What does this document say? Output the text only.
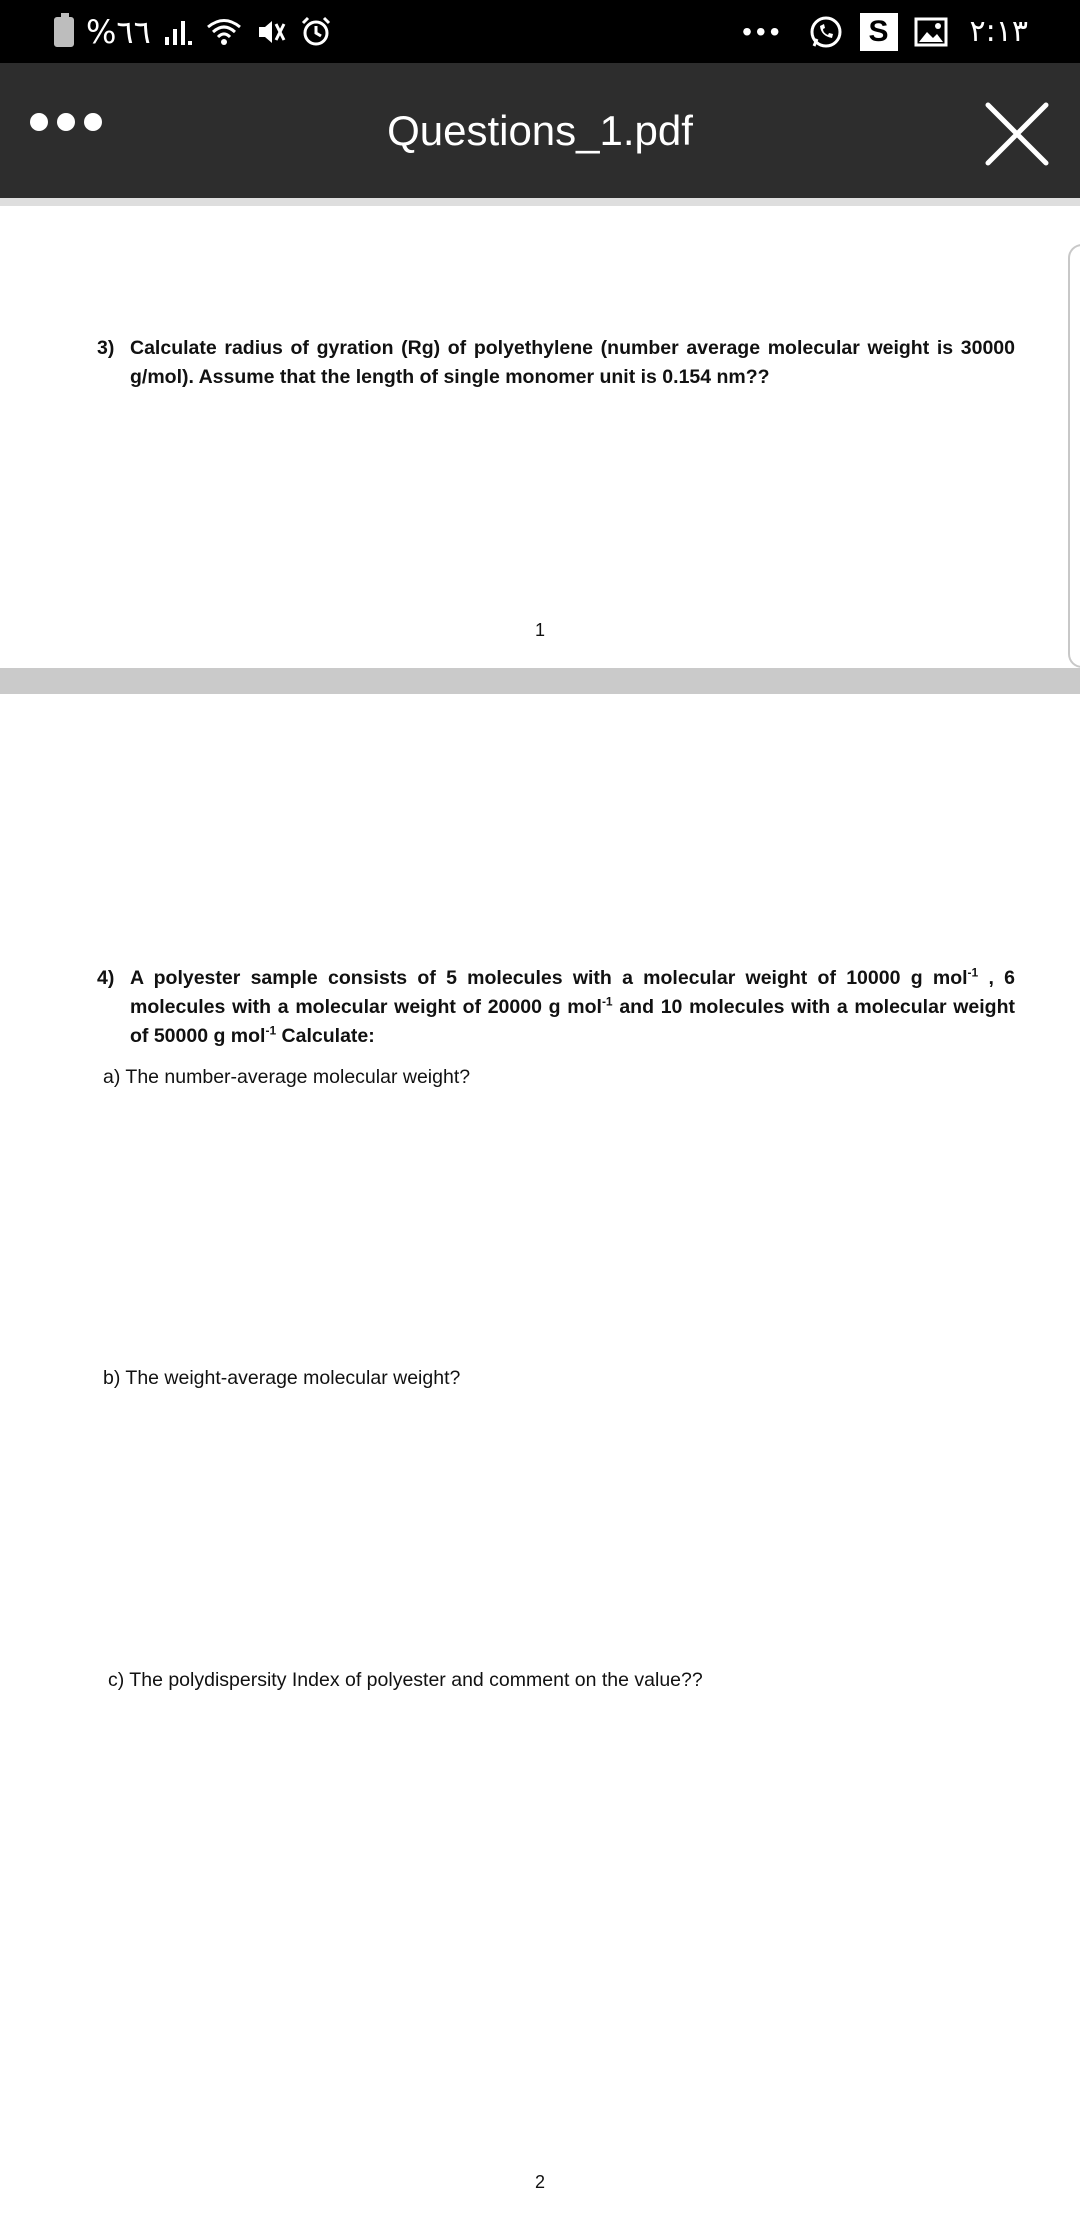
%٦٦	•••	S	٢:١٣
Questions_1.pdf
3) Calculate radius of gyration (Rg) of polyethylene (number average molecular weight is 30000 g/mol). Assume that the length of single monomer unit is 0.154 nm??
1
4) A polyester sample consists of 5 molecules with a molecular weight of 10000 g mol$^{-1}$ , 6 molecules with a molecular weight of 20000 g mol$^{-1}$ and 10 molecules with a molecular weight of 50000 g mol$^{-1}$ Calculate:
a) The number-average molecular weight?
b) The weight-average molecular weight?
c) The polydispersity Index of polyester and comment on the value??
2
